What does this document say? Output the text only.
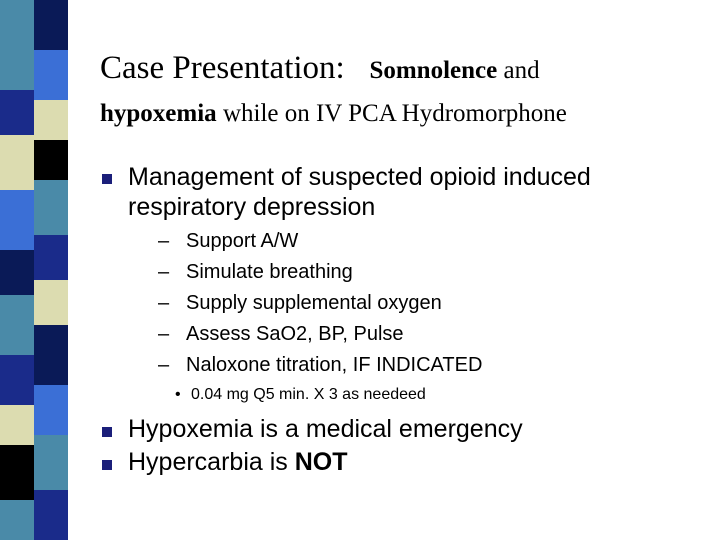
Case Presentation: Somnolence and
hypoxemia while on IV PCA Hydromorphone
Management of suspected opioid induced
respiratory depression
– Support A/W
– Simulate breathing
– Supply supplemental oxygen
– Assess SaO2, BP, Pulse
– Naloxone titration, IF INDICATED
• 0.04 mg Q5 min. X 3 as needeed
Hypoxemia is a medical emergency
Hypercarbia is NOT
